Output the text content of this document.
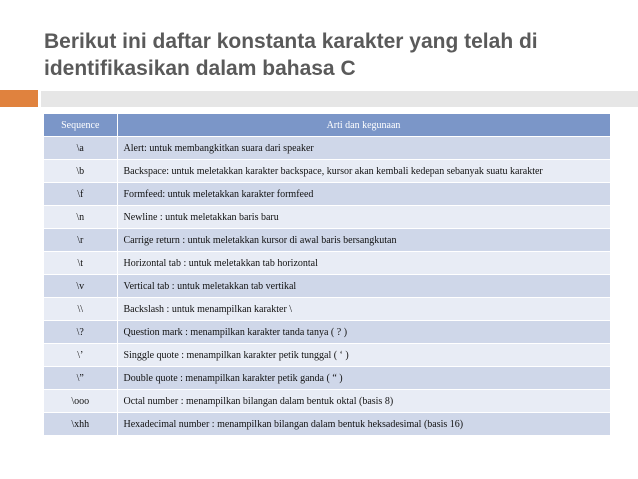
Berikut ini daftar konstanta karakter yang telah di
identifikasikan dalam bahasa C
Sequence	Arti dan kegunaan
\a	Alert: untuk membangkitkan suara dari speaker
\b	Backspace: untuk meletakkan karakter backspace, kursor akan kembali kedepan sebanyak suatu karakter
\f	Formfeed: untuk meletakkan karakter formfeed
\n	Newline : untuk meletakkan baris baru
\r	Carrige return : untuk meletakkan kursor di awal baris bersangkutan
\t	Horizontal tab : untuk meletakkan tab horizontal
\v	Vertical tab : untuk meletakkan tab vertikal
\\	Backslash : untuk menampilkan karakter \
\?	Question mark : menampilkan karakter tanda tanya ( ? )
\’	Singgle quote : menampilkan karakter petik tunggal ( ‘ )
\”	Double quote : menampilkan karakter petik ganda ( “ )
\ooo	Octal number : menampilkan bilangan dalam bentuk oktal (basis 8)
\xhh	Hexadecimal number : menampilkan bilangan dalam bentuk heksadesimal (basis 16)
